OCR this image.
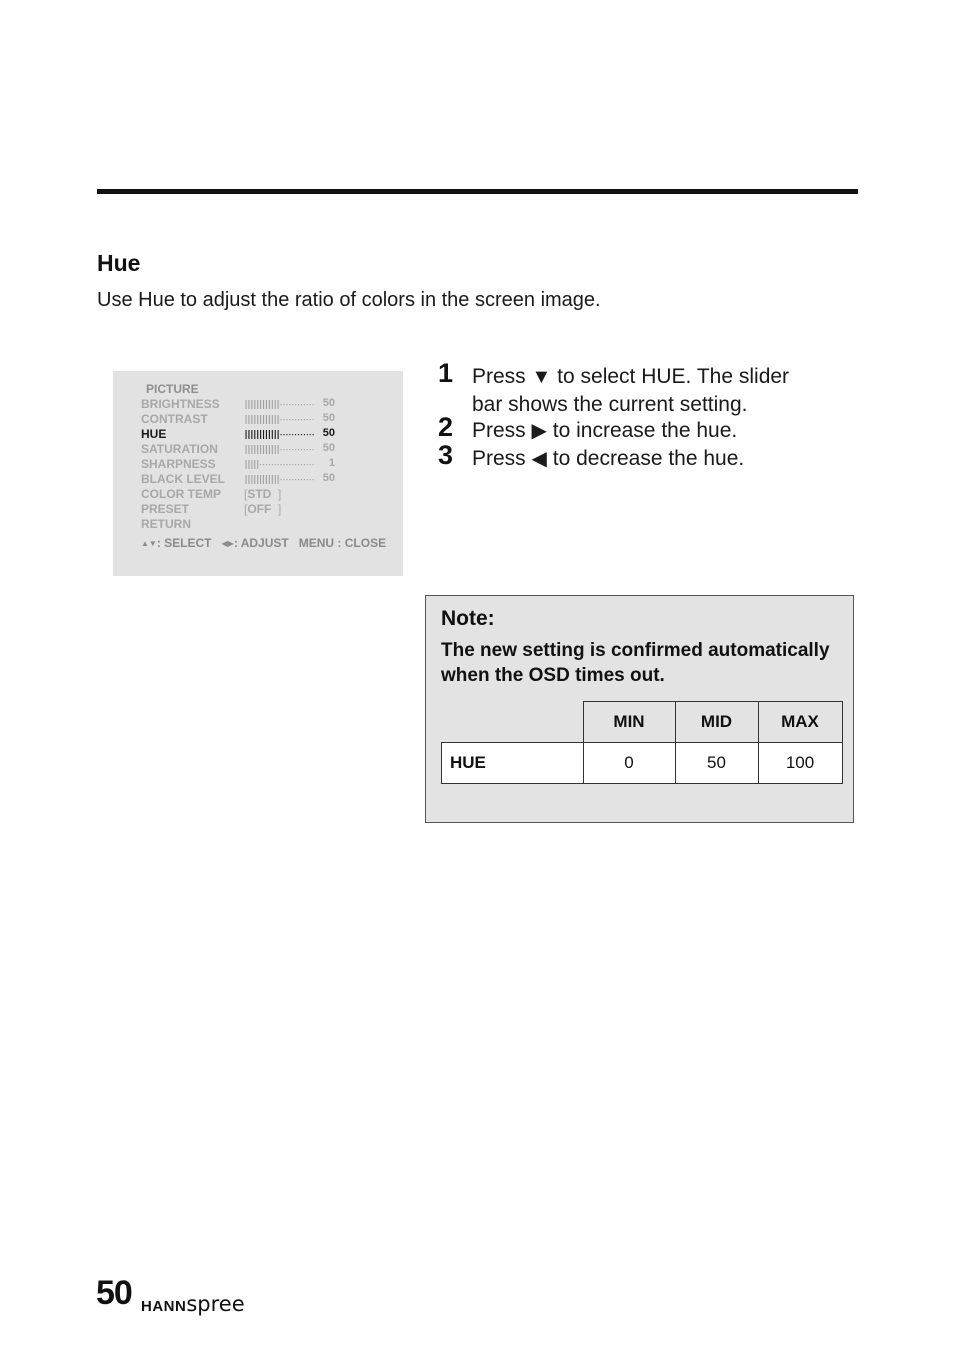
Hue
Use Hue to adjust the ratio of colors in the screen image.
PICTURE
BRIGHTNESS	50
CONTRAST	50
HUE	50
SATURATION	50
SHARPNESS	1
BLACK LEVEL	50
COLOR TEMP [STD ]
PRESET	[OFF ]
RETURN
▲▼: SELECT ◀▶: ADJUST MENU : CLOSE
1 Press ▼ to select HUE. The slider
bar shows the current setting.
2 Press ▶ to increase the hue.
3 Press ◀ to decrease the hue.
Note:
The new setting is confirmed automatically when the OSD times out.
	MIN	MID	MAX
HUE	0	50	100
50 HANNspree
